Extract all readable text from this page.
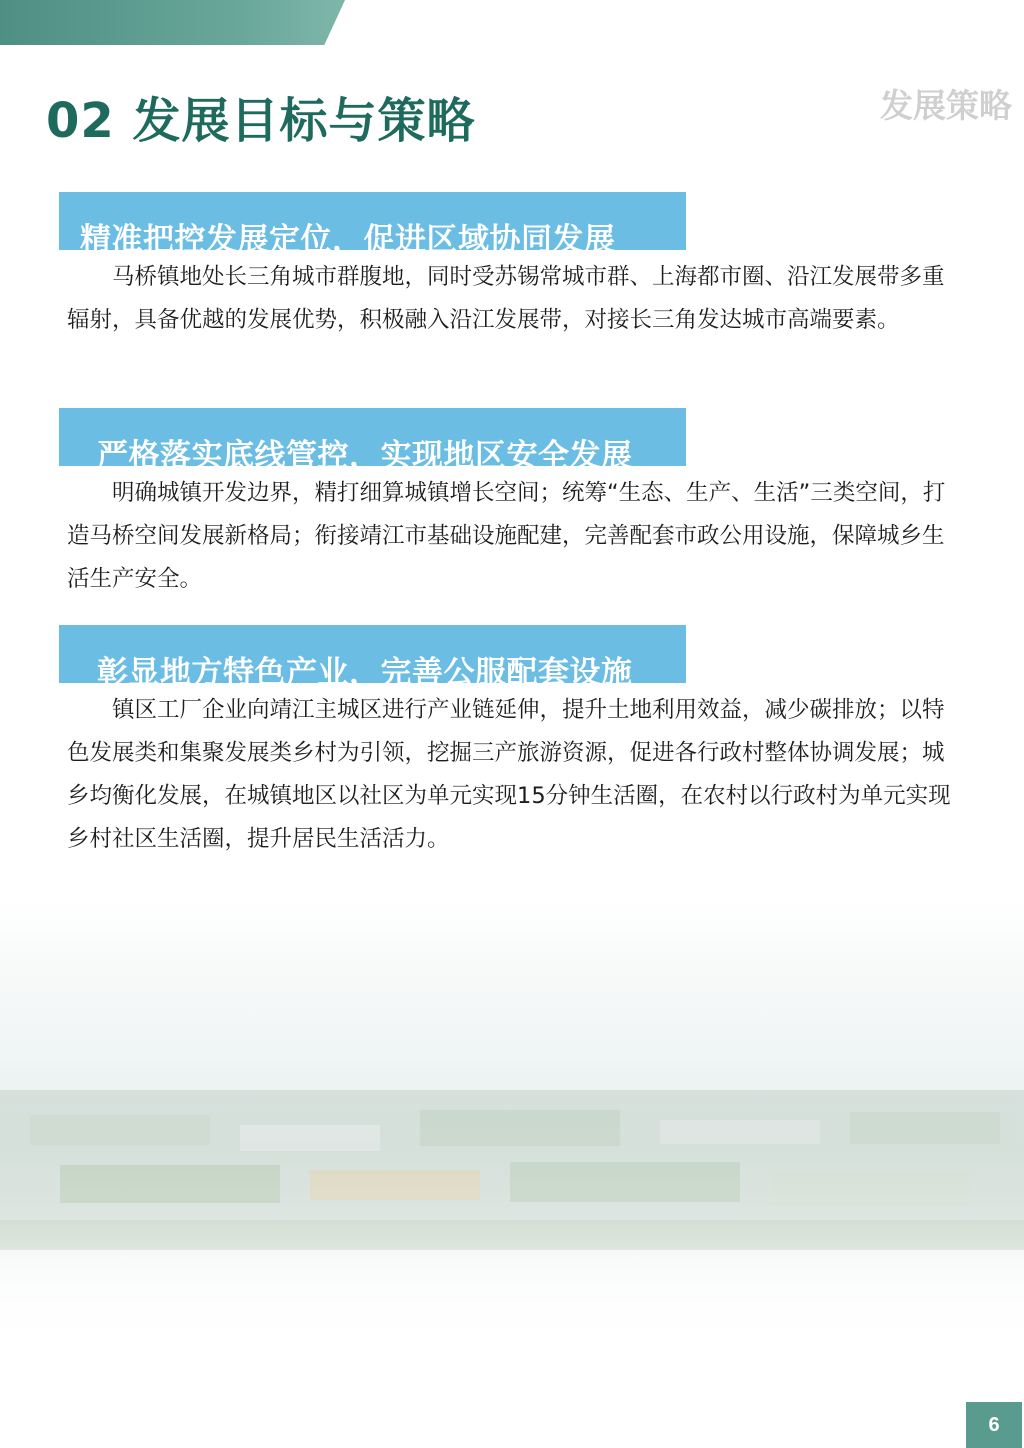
02 发展目标与策略	发展策略
精准把控发展定位，促进区域协同发展

马桥镇地处长三角城市群腹地，同时受苏锡常城市群、上海都市圈、沿江发展带多重辐射，具备优越的发展优势，积极融入沿江发展带，对接长三角发达城市高端要素。

严格落实底线管控，实现地区安全发展

明确城镇开发边界，精打细算城镇增长空间；统筹“生态、生产、生活”三类空间，打造马桥空间发展新格局；衔接靖江市基础设施配建，完善配套市政公用设施，保障城乡生活生产安全。

彰显地方特色产业，完善公服配套设施

镇区工厂企业向靖江主城区进行产业链延伸，提升土地利用效益，减少碳排放；以特色发展类和集聚发展类乡村为引领，挖掘三产旅游资源，促进各行政村整体协调发展；城乡均衡化发展，在城镇地区以社区为单元实现15分钟生活圈，在农村以行政村为单元实现乡村社区生活圈，提升居民生活活力。

6
